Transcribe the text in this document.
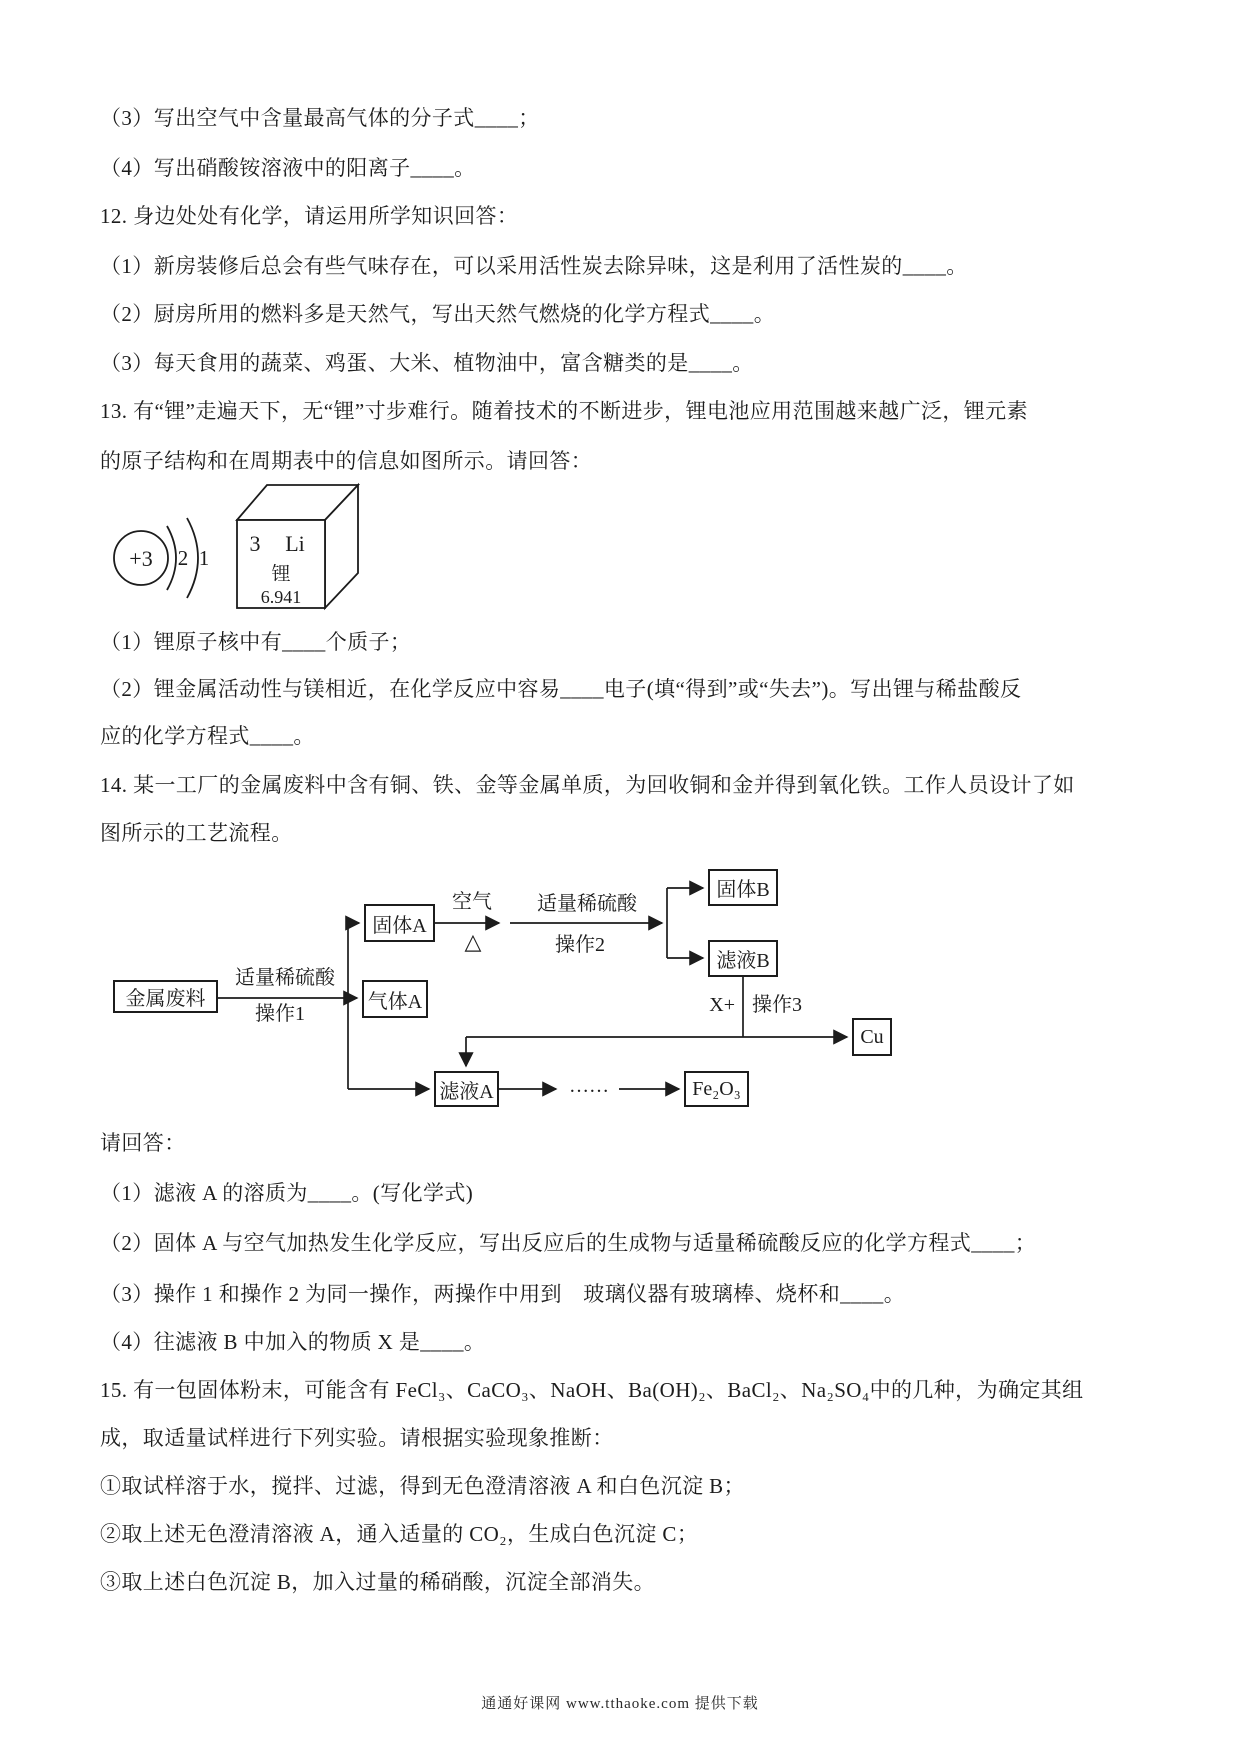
（3）写出空气中含量最高气体的分子式____；
（4）写出硝酸铵溶液中的阳离子____。
12. 身边处处有化学，请运用所学知识回答：
（1）新房装修后总会有些气味存在，可以采用活性炭去除异味，这是利用了活性炭的____。
（2）厨房所用的燃料多是天然气，写出天然气燃烧的化学方程式____。
（3）每天食用的蔬菜、鸡蛋、大米、植物油中，富含糖类的是____。
13. 有“锂”走遍天下，无“锂”寸步难行。随着技术的不断进步，锂电池应用范围越来越广泛，锂元素
的原子结构和在周期表中的信息如图所示。请回答：
+3 2 1
3 Li
锂
6.941
（1）锂原子核中有____个质子；
（2）锂金属活动性与镁相近，在化学反应中容易____电子(填“得到”或“失去”)。写出锂与稀盐酸反
应的化学方程式____。
14. 某一工厂的金属废料中含有铜、铁、金等金属单质，为回收铜和金并得到氧化铁。工作人员设计了如
图所示的工艺流程。
金属废料
固体A
气体A
固体B
滤液B
Cu
滤液A	Fe₂O₃
适量稀硫酸
操作1
空气
△
适量稀硫酸
操作2
X+ 操作3
……
请回答：
（1）滤液 A 的溶质为____。(写化学式)
（2）固体 A 与空气加热发生化学反应，写出反应后的生成物与适量稀硫酸反应的化学方程式____；
（3）操作 1 和操作 2 为同一操作，两操作中用到　玻璃仪器有玻璃棒、烧杯和____。
（4）往滤液 B 中加入的物质 X 是____。
15. 有一包固体粉末，可能含有 FeCl₃、CaCO₃、NaOH、Ba(OH)₂、BaCl₂、Na₂SO₄中的几种，为确定其组
成，取适量试样进行下列实验。请根据实验现象推断：
①取试样溶于水，搅拌、过滤，得到无色澄清溶液 A 和白色沉淀 B；
②取上述无色澄清溶液 A，通入适量的 CO₂，生成白色沉淀 C；
③取上述白色沉淀 B，加入过量的稀硝酸，沉淀全部消失。
通通好课网 www.tthaoke.com 提供下载
